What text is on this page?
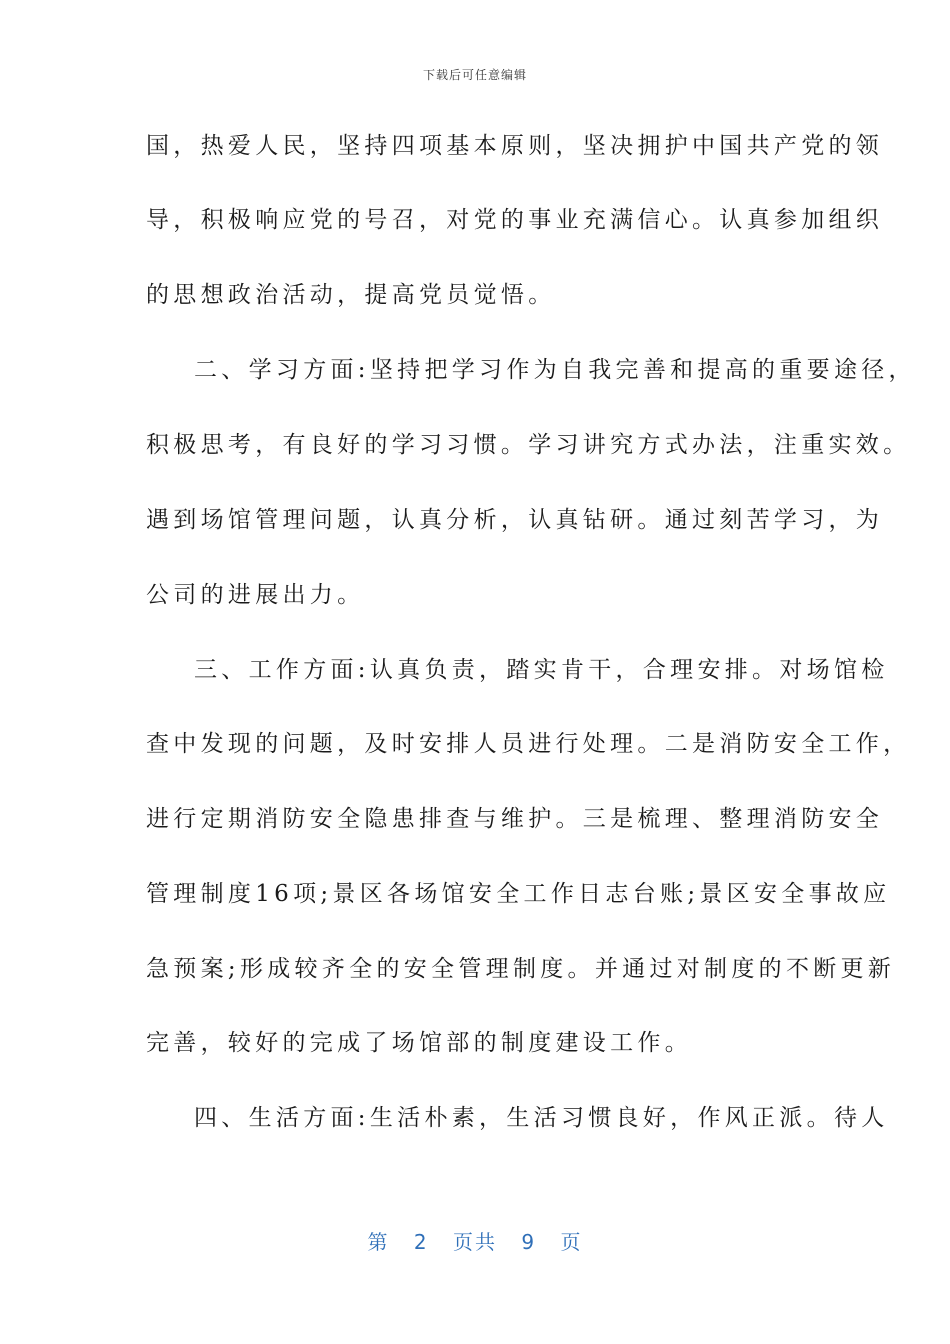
下载后可任意编辑
国，热爱人民，坚持四项基本原则，坚决拥护中国共产党的领
导，积极响应党的号召，对党的事业充满信心。认真参加组织
的思想政治活动，提高党员觉悟。
二、学习方面:坚持把学习作为自我完善和提高的重要途径，
积极思考，有良好的学习习惯。学习讲究方式办法，注重实效。
遇到场馆管理问题，认真分析，认真钻研。通过刻苦学习，为
公司的进展出力。
三、工作方面:认真负责，踏实肯干，合理安排。对场馆检
查中发现的问题，及时安排人员进行处理。二是消防安全工作，
进行定期消防安全隐患排查与维护。三是梳理、整理消防安全
管理制度16项;景区各场馆安全工作日志台账;景区安全事故应
急预案;形成较齐全的安全管理制度。并通过对制度的不断更新
完善，较好的完成了场馆部的制度建设工作。
四、生活方面:生活朴素，生活习惯良好，作风正派。待人
第 2 页共 9 页
